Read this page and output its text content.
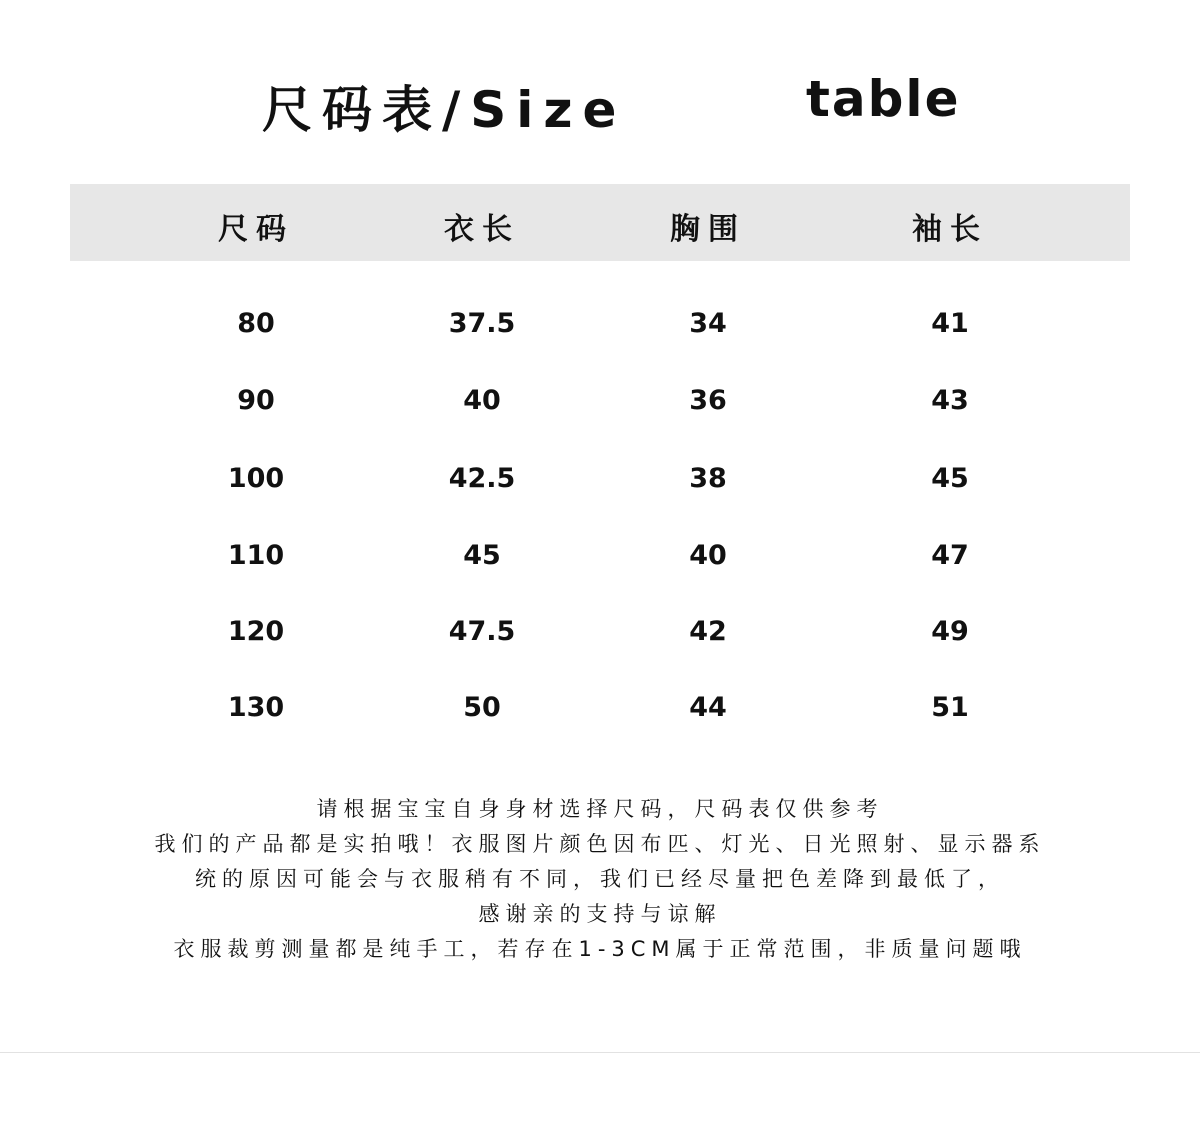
尺码表/Size	table
尺码	衣长	胸围	袖长
80	37.5	34	41
90	40	36	43
100	42.5	38	45
110	45	40	47
120	47.5	42	49
130	50	44	51
请根据宝宝自身身材选择尺码，尺码表仅供参考
我们的产品都是实拍哦！衣服图片颜色因布匹、灯光、日光照射、显示器系
统的原因可能会与衣服稍有不同，我们已经尽量把色差降到最低了，
感谢亲的支持与谅解
衣服裁剪测量都是纯手工，若存在1-3CM属于正常范围，非质量问题哦
